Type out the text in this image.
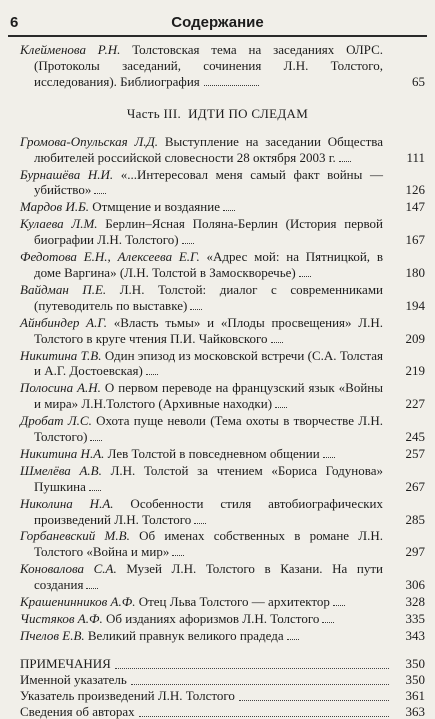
6	Содержание
Клейменова Р.Н. Толстовская тема на заседаниях ОЛРС. (Протоколы заседаний, сочинения Л.Н. Толстого, исследования). Библиография	65
Часть III. ИДТИ ПО СЛЕДАМ
Громова-Опульская Л.Д. Выступление на заседании Общества любителей российской словесности 28 октября 2003 г.	111
Бурнашёва Н.И. «...Интересовал меня самый факт войны — убийство»	126
Мардов И.Б. Отмщение и воздаяние	147
Кулаева Л.М. Берлин–Ясная Поляна-Берлин (История первой биографии Л.Н. Толстого)	167
Федотова Е.Н., Алексеева Е.Г. «Адрес мой: на Пятницкой, в доме Варгина» (Л.Н. Толстой в Замоскворечье)	180
Вайдман П.Е. Л.Н. Толстой: диалог с современниками (путеводитель по выставке)	194
Айнбиндер А.Г. «Власть тьмы» и «Плоды просвещения» Л.Н. Толстого в круге чтения П.И. Чайковского	209
Никитина Т.В. Один эпизод из московской встречи (С.А. Толстая и А.Г. Достоевская)	219
Полосина А.Н. О первом переводе на французский язык «Войны и мира» Л.Н.Толстого (Архивные находки)	227
Дробат Л.С. Охота пуще неволи (Тема охоты в творчестве Л.Н. Толстого)	245
Никитина Н.А. Лев Толстой в повседневном общении	257
Шмелёва А.В. Л.Н. Толстой за чтением «Бориса Годунова» Пушкина	267
Николина Н.А. Особенности стиля автобиографических произведений Л.Н. Толстого	285
Горбаневский М.В. Об именах собственных в романе Л.Н. Толстого «Война и мир»	297
Коновалова С.А. Музей Л.Н. Толстого в Казани. На пути создания	306
Крашенинников А.Ф. Отец Льва Толстого — архитектор	328
Чистяков А.Ф. Об изданиях афоризмов Л.Н. Толстого	335
Пчелов Е.В. Великий правнук великого прадеда	343
ПРИМЕЧАНИЯ	350
Именной указатель	350
Указатель произведений Л.Н. Толстого	361
Сведения об авторах	363
